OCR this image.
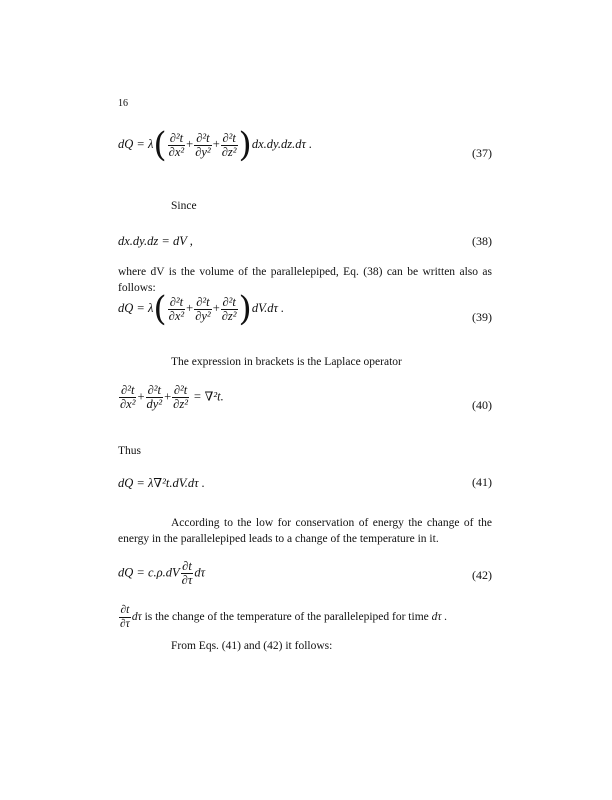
16
dQ = $\lambda( \frac{\text{∂²t}}{\text{∂x²}} + \frac{\text{∂²t}}{\text{∂y²}} + \frac{\text{∂²t}}{\text{∂z²}} )dx.dy.dz.d\tau$ .
(37)
Since
dx.dy.dz = dV ,	(38)
where dV is the volume of the parallelepiped, Eq. (38) can be written also as follows:
dQ = $\lambda( \frac{\text{∂²t}}{\text{∂x²}} + \frac{\text{∂²t}}{\text{∂y²}} + \frac{\text{∂²t}}{\text{∂z²}} )dV.d\tau$ .
(39)
The expression in brackets is the Laplace operator
$\frac{\text{∂²t}}{\text{∂x²}} + \frac{\text{∂²t}}{\text{dy²}} + \frac{\text{∂²t}}{\text{∂z²}} = \nabla^2t$.
(40)
Thus
dQ = λ∇²t.dV.dτ .	(41)
According to the low for conservation of energy the change of the energy in the parallelepiped leads to a change of the temperature in it.
dQ = $c.\rho.dV \frac{\partial t}{\partial\tau}$ dτ	(42)
$\frac{\partial t}{\partial\tau}$ dτ is the change of the temperature of the parallelepiped for time dτ .
From Eqs. (41) and (42) it follows:
